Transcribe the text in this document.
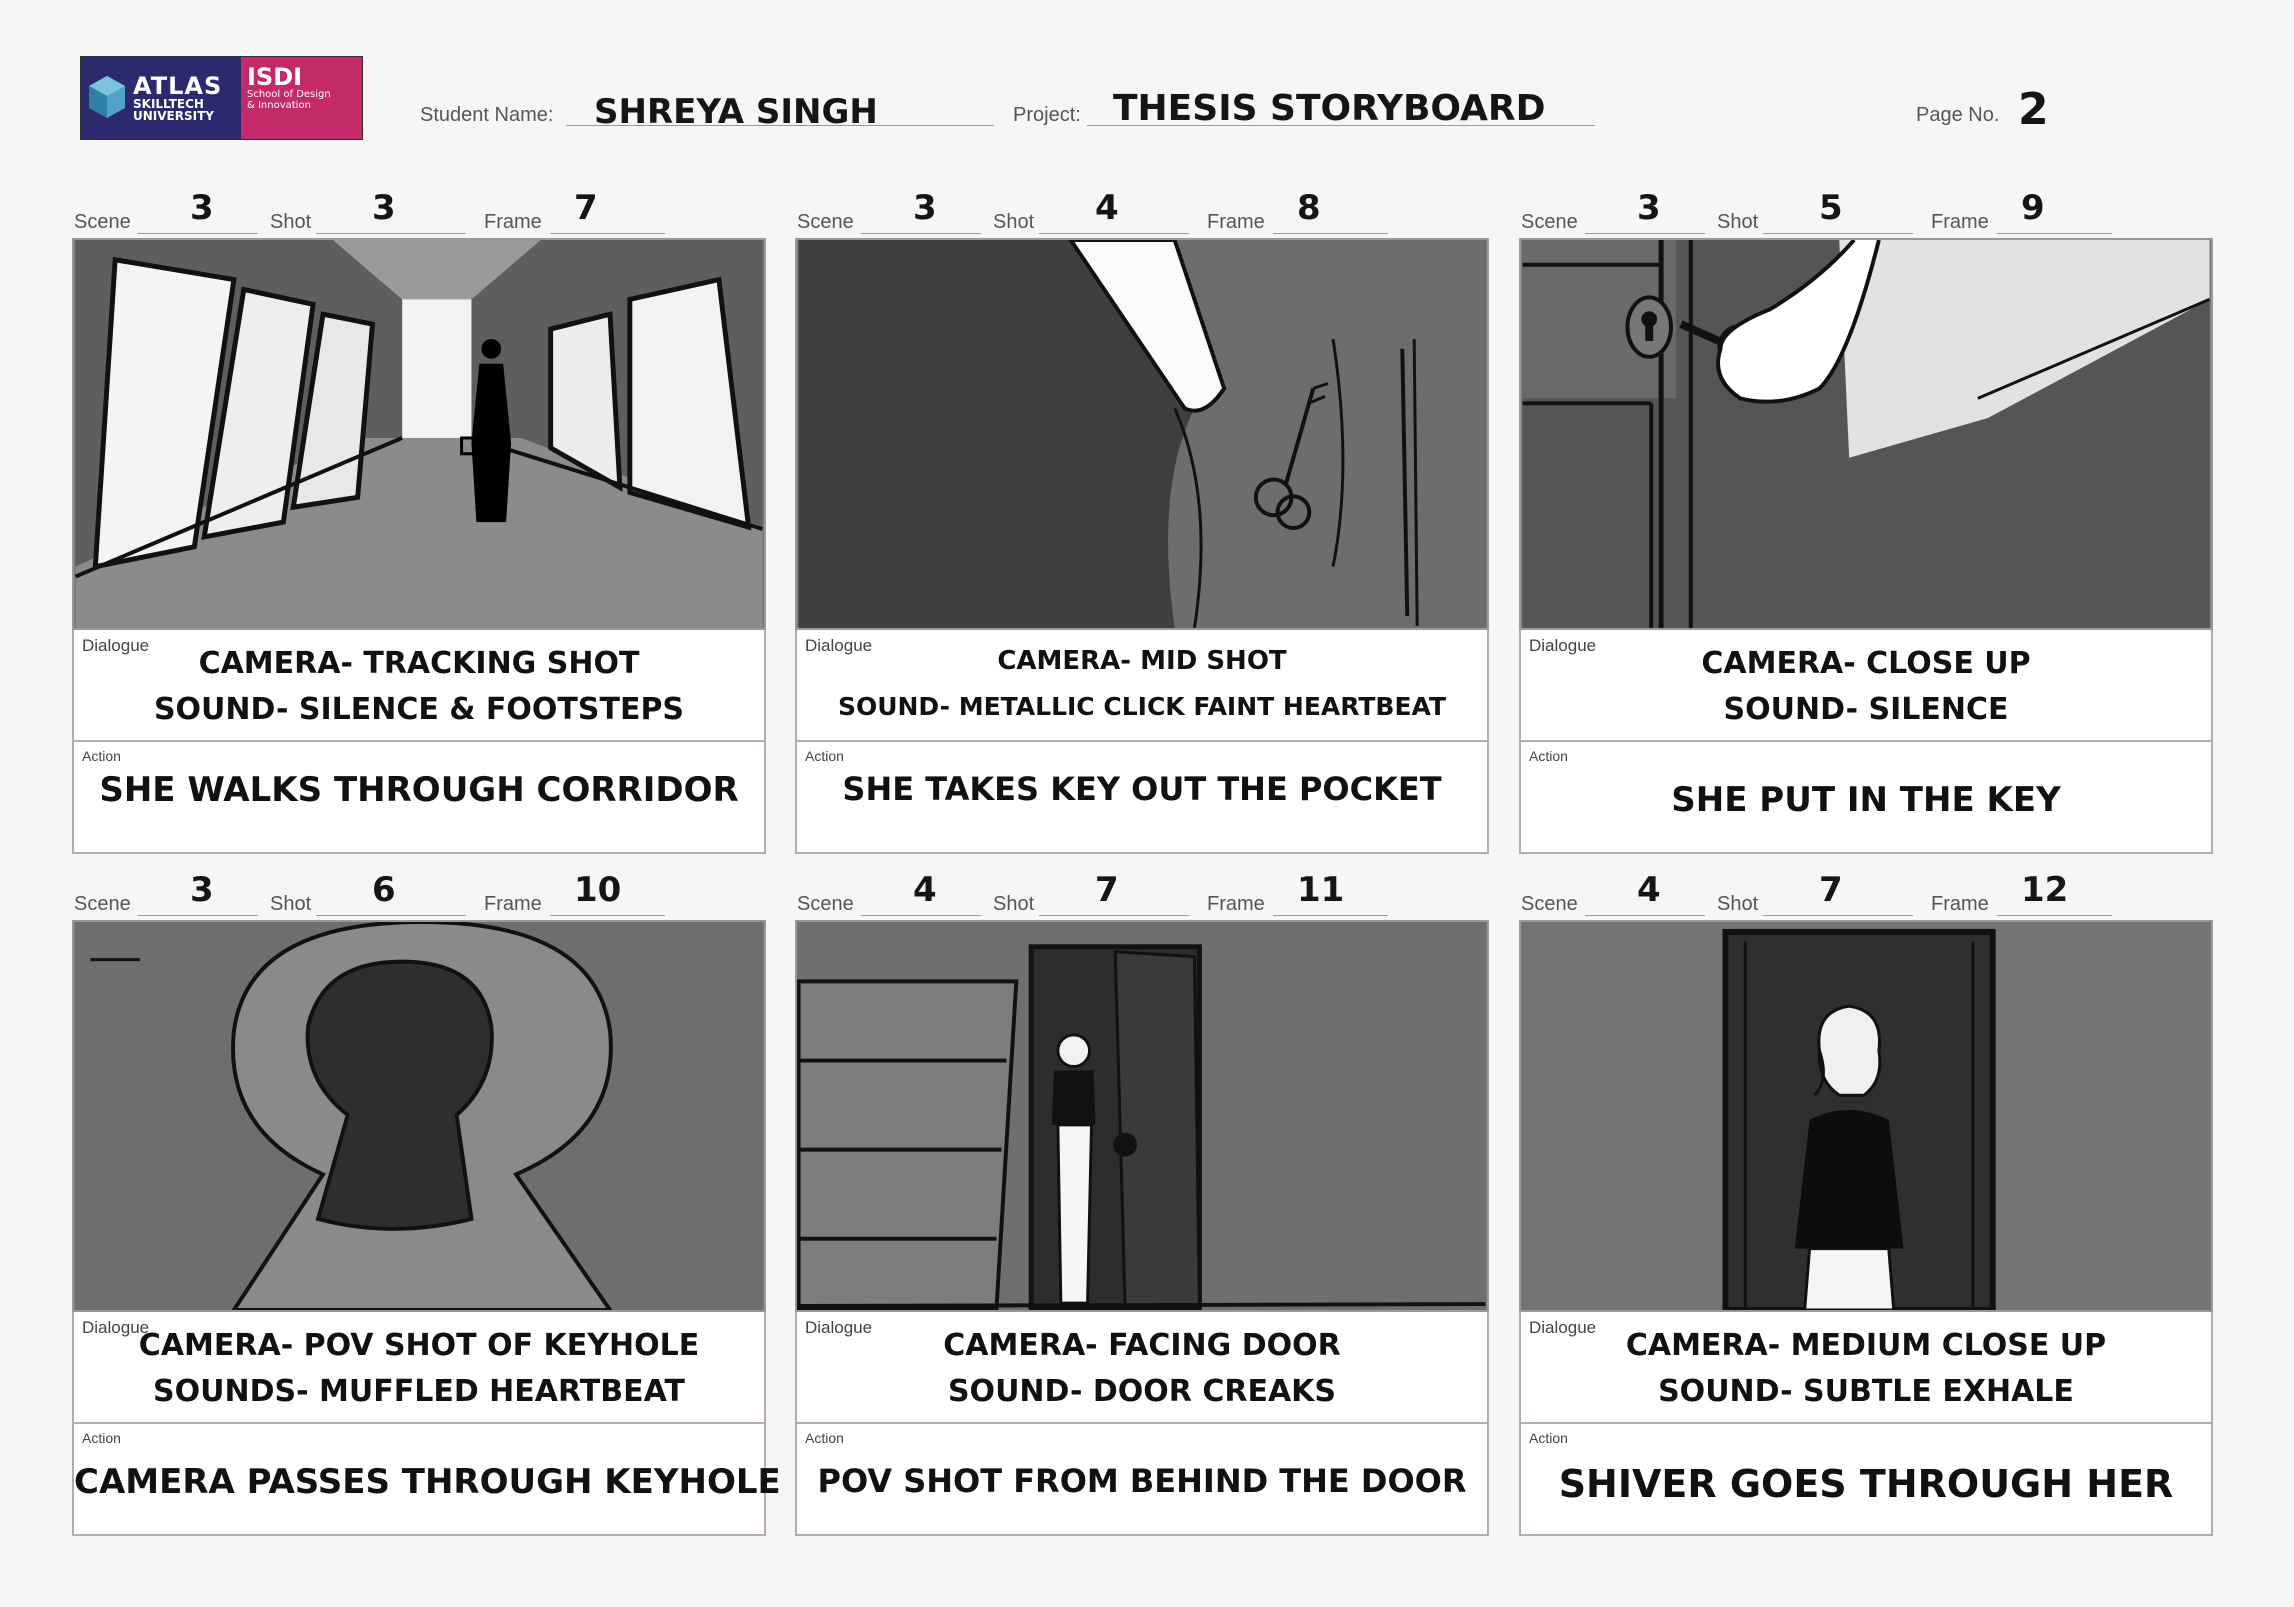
ATLAS
SKILLTECH
UNIVERSITY
ISDI
School of Design
& Innovation	Student Name: SHREYA SINGH	Project: THESIS STORYBOARD	Page No. 2
Scene 3	Shot 3	Frame 7
Dialogue
CAMERA- TRACKING SHOT
SOUND- SILENCE & FOOTSTEPS
Action
SHE WALKS THROUGH CORRIDOR
Scene 3	Shot 4	Frame 8
Dialogue
CAMERA- MID SHOT
SOUND- METALLIC CLICK FAINT HEARTBEAT
Action
SHE TAKES KEY OUT THE POCKET
Scene 3	Shot 5	Frame 9
Dialogue
CAMERA- CLOSE UP
SOUND- SILENCE
Action
SHE PUT IN THE KEY
Scene 3	Shot 6	Frame 10
Dialogue
CAMERA- POV SHOT OF KEYHOLE
SOUNDS- MUFFLED HEARTBEAT
Action
CAMERA PASSES THROUGH KEYHOLE
Scene 4	Shot 7	Frame 11
Dialogue
CAMERA- FACING DOOR
SOUND- DOOR CREAKS
Action
POV SHOT FROM BEHIND THE DOOR
Scene 4	Shot 7	Frame 12
Dialogue
CAMERA- MEDIUM CLOSE UP
SOUND- SUBTLE EXHALE
Action
SHIVER GOES THROUGH HER
